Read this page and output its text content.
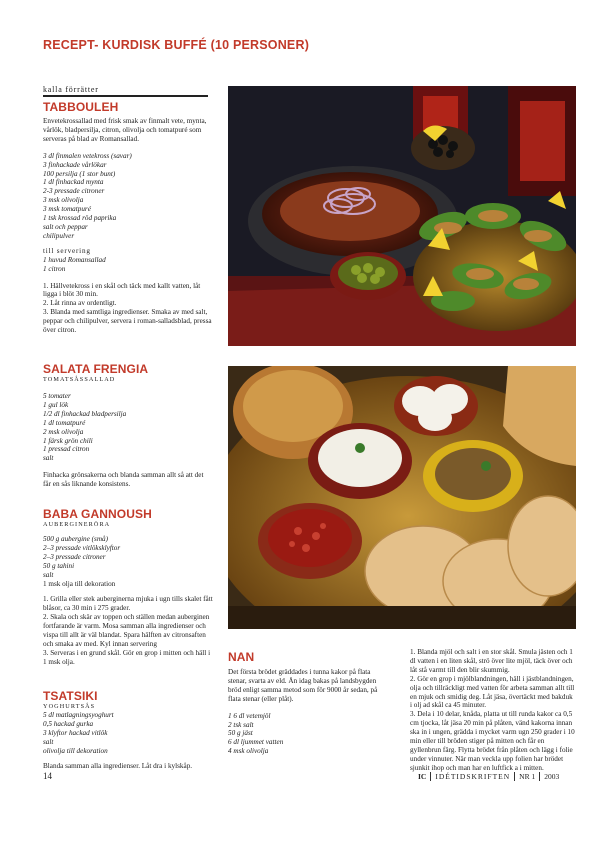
RECEPT- KURDISK BUFFÉ (10 PERSONER)
kalla förrätter
TABBOULEH
Envetekrossallad med frisk smak av finmalt vete, mynta, vårlök, bladpersilja, citron, olivolja och tomatpuré som serveras på blad av Romansallad.
3 dl finmalen vetekross (savar)
3 finhackade vårlökar
100 persilja (1 stor bunt)
1 dl finhackad mynta
2-3 pressade citroner
3 msk olivolja
3 msk tomatpuré
1 tsk krossad röd paprika
salt och peppar
chilipulver
till servering
1 huvud Romansallad
1 citron
1. Hällvetekross i en skål och täck med kallt vatten, låt ligga i blöt 30 min.
2. Låt rinna av ordentligt.
3. Blanda med samtliga ingredienser. Smaka av med salt, peppar och chilipulver, servera i roman-salladsblad, pressa över citron.
SALATA FRENGIA
TOMATSÅSSALLAD
5 tomater
1 gul lök
1/2 dl finhackad bladpersilja
1 dl tomatpuré
2 msk olivolja
1 färsk grön chili
1 pressad citron
salt
Finhacka grönsakerna och blanda samman allt så att det får en sås liknande konsistens.
BABA GANNOUSH
AUBERGINERÖRA
500 g aubergine (små)
2–3 pressade vitlöksklyftor
2–3 pressade citroner
50 g tahini
salt
1 msk olja till dekoration
1. Grilla eller stek auberginerna mjuka i ugn tills skalet fått blåsor, ca 30 min i 275 grader.
2. Skala och skär av toppen och ställen medan auberginen fortfarande är varm. Mosa samman alla ingredienser och vispa till allt är väl blandat. Spara hälften av citronsaften och smaka av med. Kyl innan servering
3. Serveras i en grund skål. Gör en grop i mitten och häll i 1 msk olja.
TSATSIKI
YOGHURTSÅS
5 dl matlagningsyoghurt
0,5 hackad gurka
3 klyftor hackad vitlök
salt
olivolja till dekoration
Blanda samman alla ingredienser. Låt dra i kylskåp.
NAN
Det första brödet gräddades i tunna kakor på flata stenar, svarta av eld. Än idag bakas på landsbygden bröd enligt samma metod som för 9000 år sedan, på flata stenar (eller plåt).
1 6 dl vetemjöl
2 tsk salt
50 g jäst
6 dl ljummet vatten
4 msk olivolja
1. Blanda mjöl och salt i en stor skål. Smula jästen och 1 dl vatten i en liten skål, strö över lite mjöl, täck över och låt stå varmt till den blir skummig.
2. Gör en grop i mjölblandningen, häll i jästblandningen, olja och tillräckligt med vatten för arbeta samman allt till en mjuk och smidig deg. Låt jäsa, övertäckt med bakduk i olj ad skål ca 45 minuter.
3. Dela i 10 delar, knåda, platta ut till runda kakor ca 0,5 cm tjocka, låt jäsa 20 min på plåten, vänd kakorna innan ska in i ungen, grädda i mycket varm ugn 250 grader i 10 min eller till bröden stiger på mitten och får en gyllenbrun färg. Flytta brödet från plåten och lägg i folie under vinnuter. När man veckla upp folien har brödet sjunkit ihop och man har en luftfick a i mitten.
14	IC IDÉTIDSKRIFTEN NR 1 2003
